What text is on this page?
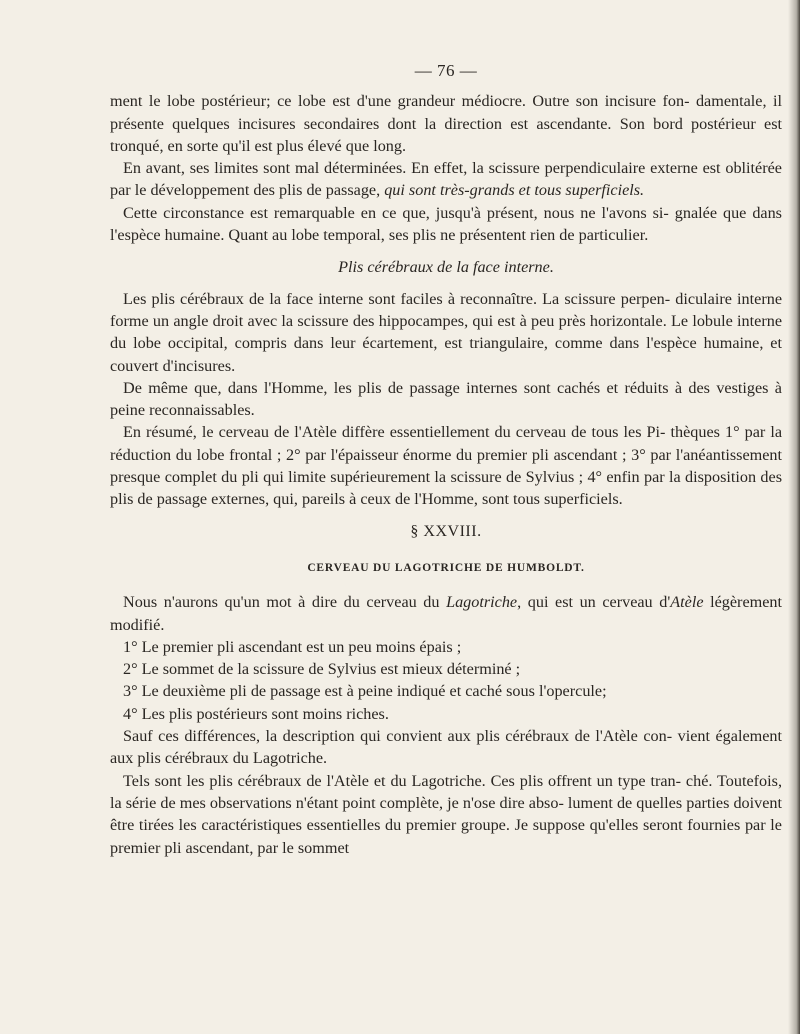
— 76 —

ment le lobe postérieur; ce lobe est d'une grandeur médiocre. Outre son incisure fon- damentale, il présente quelques incisures secondaires dont la direction est ascendante. Son bord postérieur est tronqué, en sorte qu'il est plus élevé que long.

En avant, ses limites sont mal déterminées. En effet, la scissure perpendiculaire externe est oblitérée par le développement des plis de passage, qui sont très-grands et tous superficiels.

Cette circonstance est remarquable en ce que, jusqu'à présent, nous ne l'avons si- gnalée que dans l'espèce humaine. Quant au lobe temporal, ses plis ne présentent rien de particulier.

Plis cérébraux de la face interne.

Les plis cérébraux de la face interne sont faciles à reconnaître. La scissure perpen- diculaire interne forme un angle droit avec la scissure des hippocampes, qui est à peu près horizontale. Le lobule interne du lobe occipital, compris dans leur écartement, est triangulaire, comme dans l'espèce humaine, et couvert d'incisures.

De même que, dans l'Homme, les plis de passage internes sont cachés et réduits à des vestiges à peine reconnaissables.

En résumé, le cerveau de l'Atèle diffère essentiellement du cerveau de tous les Pi- thèques 1° par la réduction du lobe frontal ; 2° par l'épaisseur énorme du premier pli ascendant ; 3° par l'anéantissement presque complet du pli qui limite supérieurement la scissure de Sylvius ; 4° enfin par la disposition des plis de passage externes, qui, pareils à ceux de l'Homme, sont tous superficiels.

§ XXVIII.
CERVEAU DU LAGOTRICHE DE HUMBOLDT.

Nous n'aurons qu'un mot à dire du cerveau du Lagotriche, qui est un cerveau d'Atèle légèrement modifié.

1° Le premier pli ascendant est un peu moins épais ;

2° Le sommet de la scissure de Sylvius est mieux déterminé ;

3° Le deuxième pli de passage est à peine indiqué et caché sous l'opercule;

4° Les plis postérieurs sont moins riches.

Sauf ces différences, la description qui convient aux plis cérébraux de l'Atèle con- vient également aux plis cérébraux du Lagotriche.

Tels sont les plis cérébraux de l'Atèle et du Lagotriche. Ces plis offrent un type tran- ché. Toutefois, la série de mes observations n'étant point complète, je n'ose dire abso- lument de quelles parties doivent être tirées les caractéristiques essentielles du premier groupe. Je suppose qu'elles seront fournies par le premier pli ascendant, par le sommet
